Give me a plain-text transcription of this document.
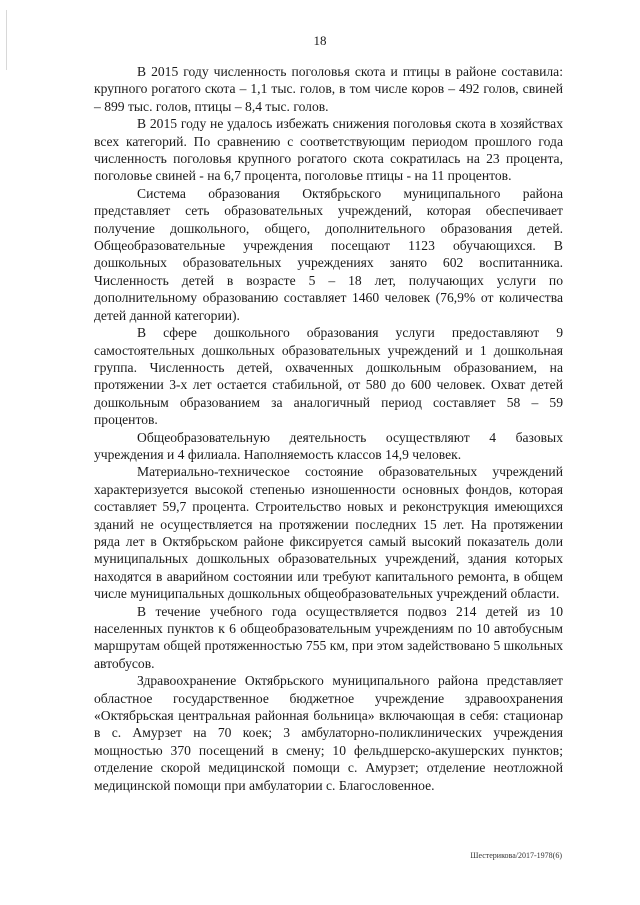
18

В 2015 году численность поголовья скота и птицы в районе составила: крупного рогатого скота – 1,1 тыс. голов, в том числе коров – 492 голов, свиней – 899 тыс. голов, птицы – 8,4 тыс. голов.

В 2015 году не удалось избежать снижения поголовья скота в хозяйствах всех категорий. По сравнению с соответствующим периодом прошлого года численность поголовья крупного рогатого скота сократилась на 23 процента, поголовье свиней - на 6,7 процента, поголовье птицы - на 11 процентов.

Система образования Октябрьского муниципального района представляет сеть образовательных учреждений, которая обеспечивает получение дошкольного, общего, дополнительного образования детей. Общеобразовательные учреждения посещают 1123 обучающихся. В дошкольных образовательных учреждениях занято 602 воспитанника. Численность детей в возрасте 5 – 18 лет, получающих услуги по дополнительному образованию составляет 1460 человек (76,9% от количества детей данной категории).

В сфере дошкольного образования услуги предоставляют 9 самостоятельных дошкольных образовательных учреждений и 1 дошкольная группа. Численность детей, охваченных дошкольным образованием, на протяжении 3-х лет остается стабильной, от 580 до 600 человек. Охват детей дошкольным образованием за аналогичный период составляет 58 – 59 процентов.

Общеобразовательную деятельность осуществляют 4 базовых учреждения и 4 филиала. Наполняемость классов 14,9 человек.

Материально-техническое состояние образовательных учреждений характеризуется высокой степенью изношенности основных фондов, которая составляет 59,7 процента. Строительство новых и реконструкция имеющихся зданий не осуществляется на протяжении последних 15 лет. На протяжении ряда лет в Октябрьском районе фиксируется самый высокий показатель доли муниципальных дошкольных образовательных учреждений, здания которых находятся в аварийном состоянии или требуют капитального ремонта, в общем числе муниципальных дошкольных общеобразовательных учреждений области.

В течение учебного года осуществляется подвоз 214 детей из 10 населенных пунктов к 6 общеобразовательным учреждениям по 10 автобусным маршрутам общей протяженностью 755 км, при этом задействовано 5 школьных автобусов.

Здравоохранение Октябрьского муниципального района представляет областное государственное бюджетное учреждение здравоохранения «Октябрьская центральная районная больница» включающая в себя: стационар в с. Амурзет на 70 коек; 3 амбулаторно-поликлинических учреждения мощностью 370 посещений в смену; 10 фельдшерско-акушерских пунктов; отделение скорой медицинской помощи с. Амурзет; отделение неотложной медицинской помощи при амбулатории с. Благословенное.

Шестерикова/2017-1978(6)
